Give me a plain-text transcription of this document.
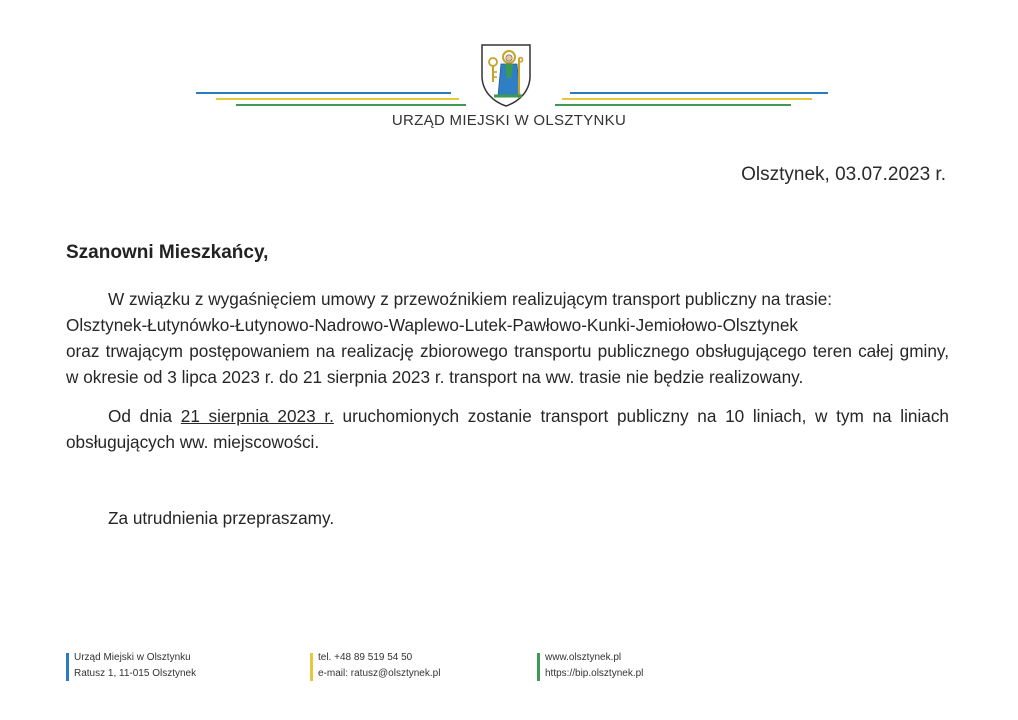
URZĄD MIEJSKI W OLSZTYNKU
Olsztynek, 03.07.2023 r.
Szanowni Mieszkańcy,

W związku z wygaśnięciem umowy z przewoźnikiem realizującym transport publiczny na trasie:
Olsztynek-Łutynówko-Łutynowo-Nadrowo-Waplewo-Lutek-Pawłowo-Kunki-Jemiołowo-Olsztynek
oraz trwającym postępowaniem na realizację zbiorowego transportu publicznego obsługującego teren całej gminy, w okresie od 3 lipca 2023 r. do 21 sierpnia 2023 r. transport na ww. trasie nie będzie realizowany.

Od dnia 21 sierpnia 2023 r. uruchomionych zostanie transport publiczny na 10 liniach, w tym na liniach obsługujących ww. miejscowości.

Za utrudnienia przepraszamy.
Urząd Miejski w Olsztynku
Ratusz 1, 11-015 Olsztynek
tel. +48 89 519 54 50
e-mail: ratusz@olsztynek.pl
www.olsztynek.pl
https://bip.olsztynek.pl
